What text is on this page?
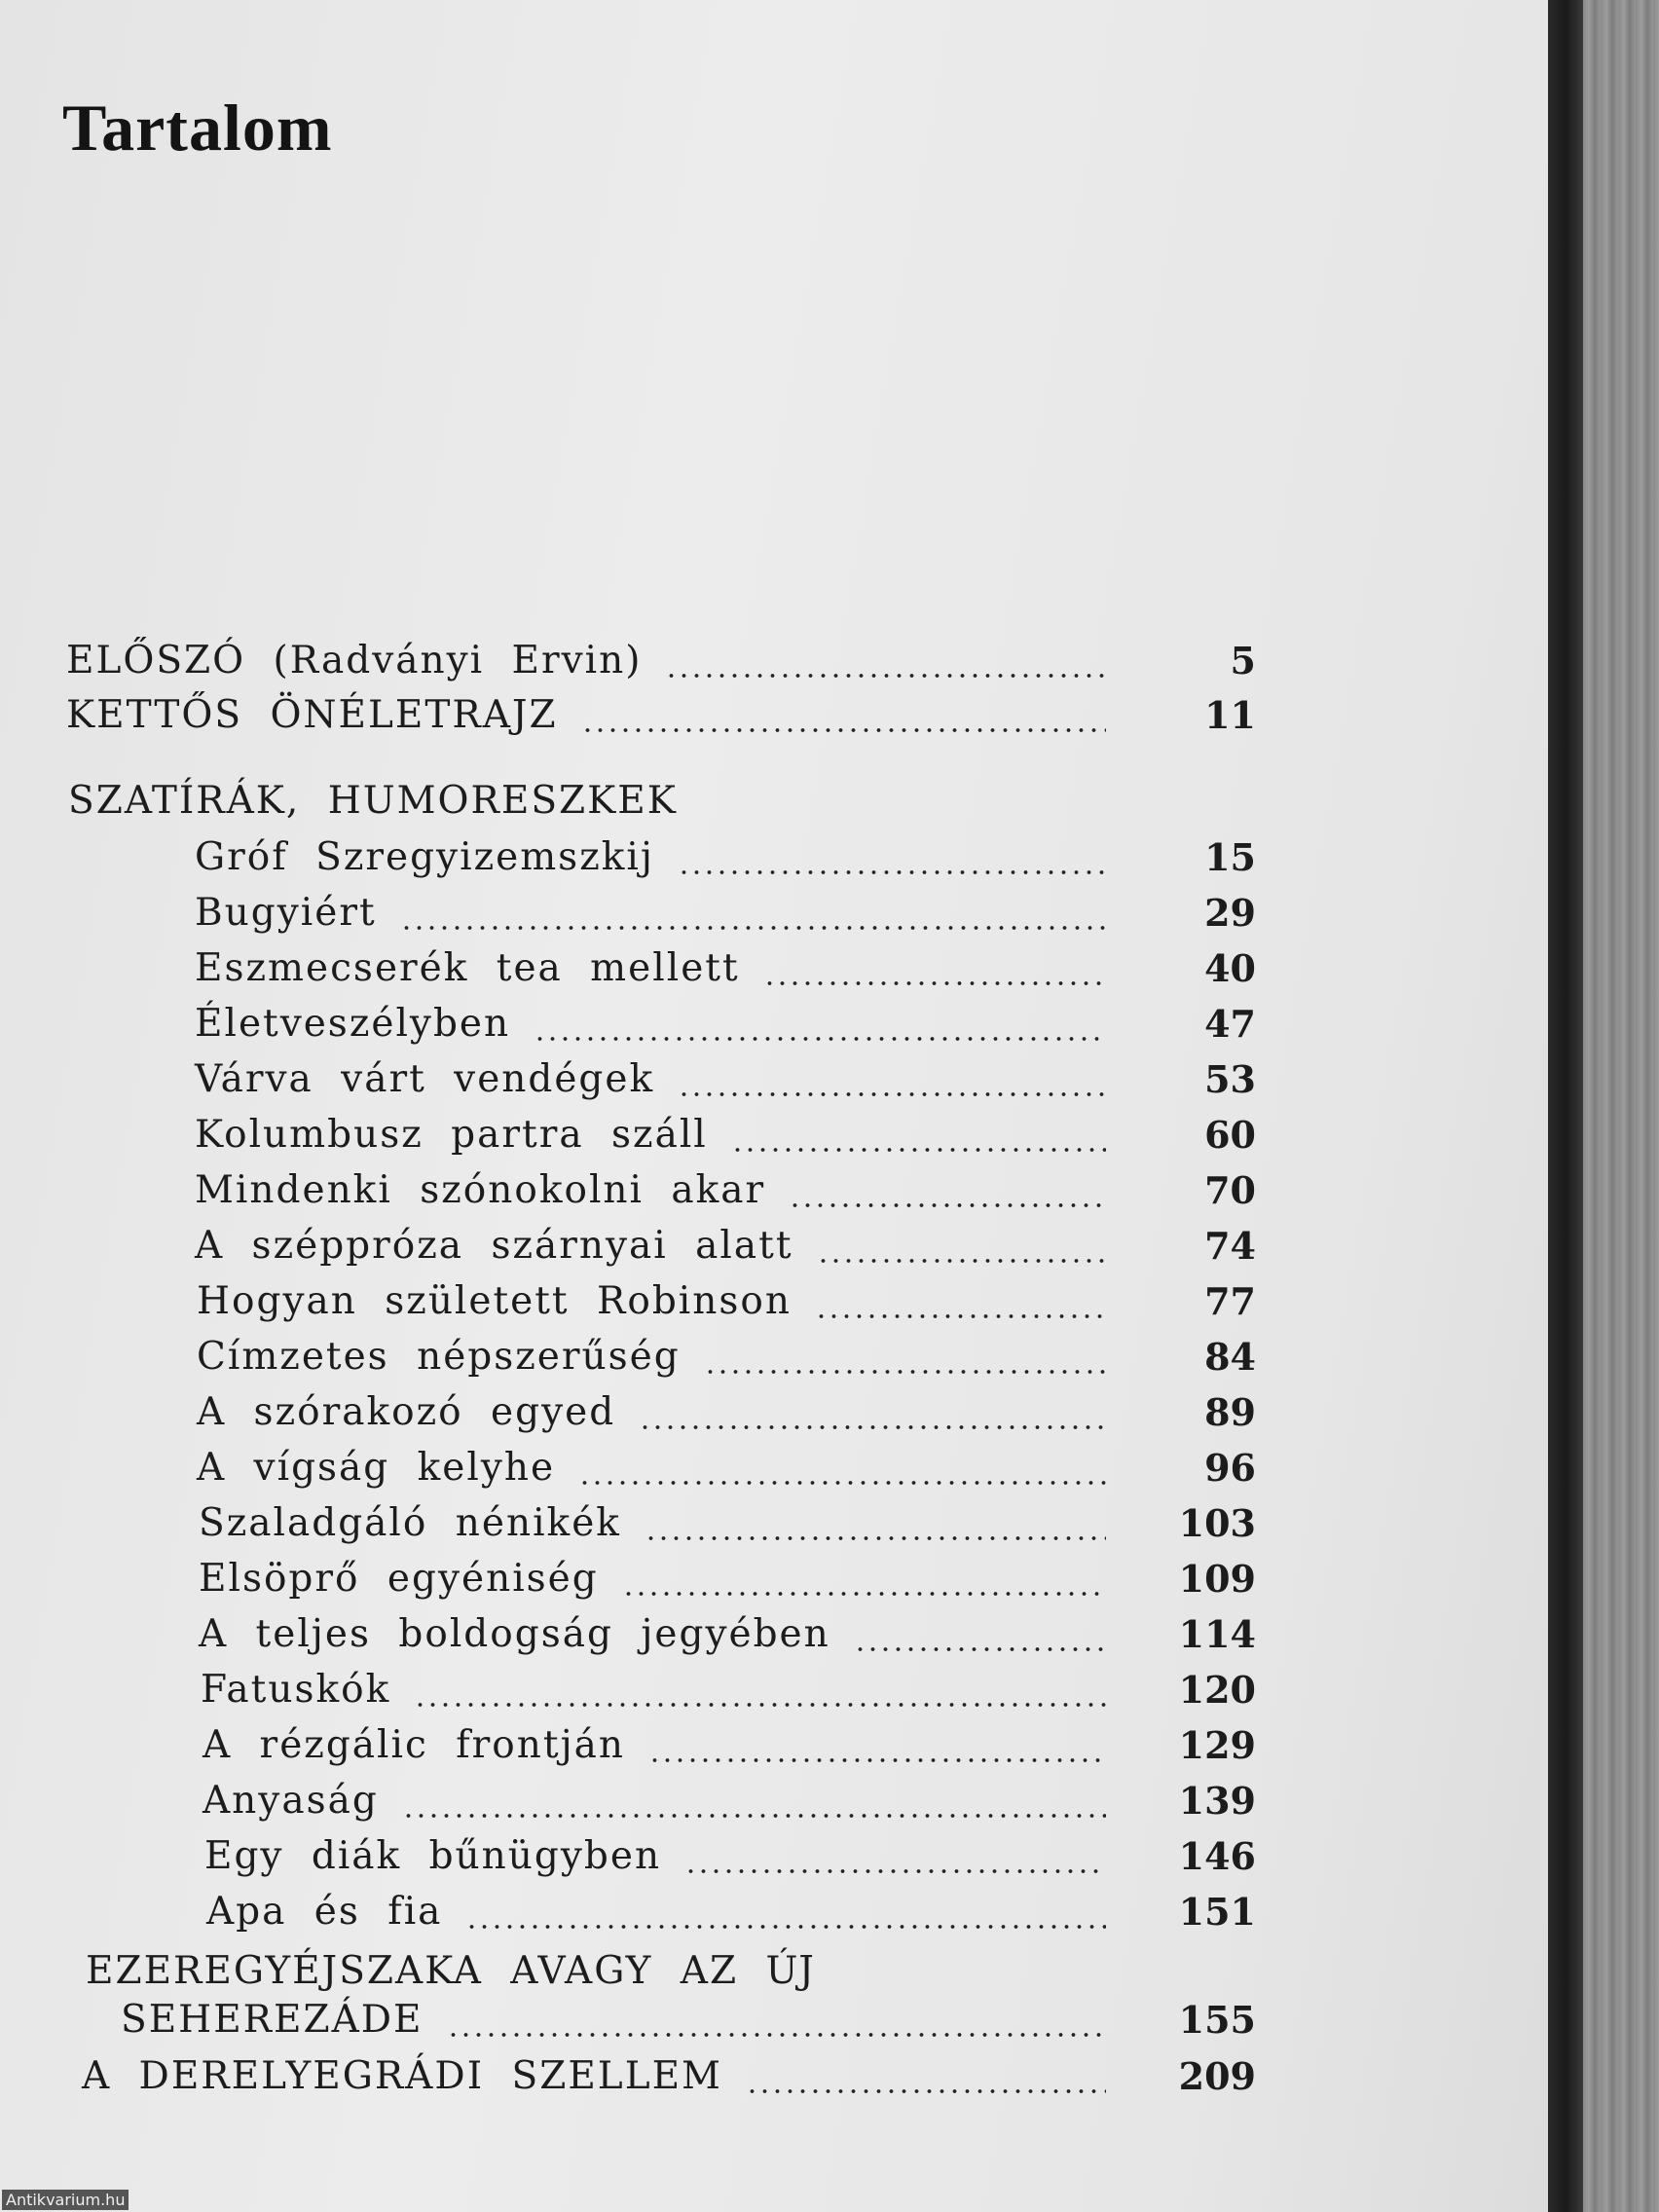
Tartalom
ELŐSZÓ (Radványi Ervin)	5
KETTŐS ÖNÉLETRAJZ	11
SZATÍRÁK, HUMORESZKEK
Gróf Szregyizemszkij	15
Bugyiért	29
Eszmecserék tea mellett	40
Életveszélyben	47
Várva várt vendégek	53
Kolumbusz partra száll	60
Mindenki szónokolni akar	70
A széppróza szárnyai alatt	74
Hogyan született Robinson	77
Címzetes népszerűség	84
A szórakozó egyed	89
A vígság kelyhe	96
Szaladgáló nénikék	103
Elsöprő egyéniség	109
A teljes boldogság jegyében	114
Fatuskók	120
A rézgálic frontján	129
Anyaság	139
Egy diák bűnügyben	146
Apa és fia	151
EZEREGYÉJSZAKA AVAGY AZ ÚJ
SEHEREZÁDE	155
A DERELYEGRÁDI SZELLEM	209
Antikvarium.hu
